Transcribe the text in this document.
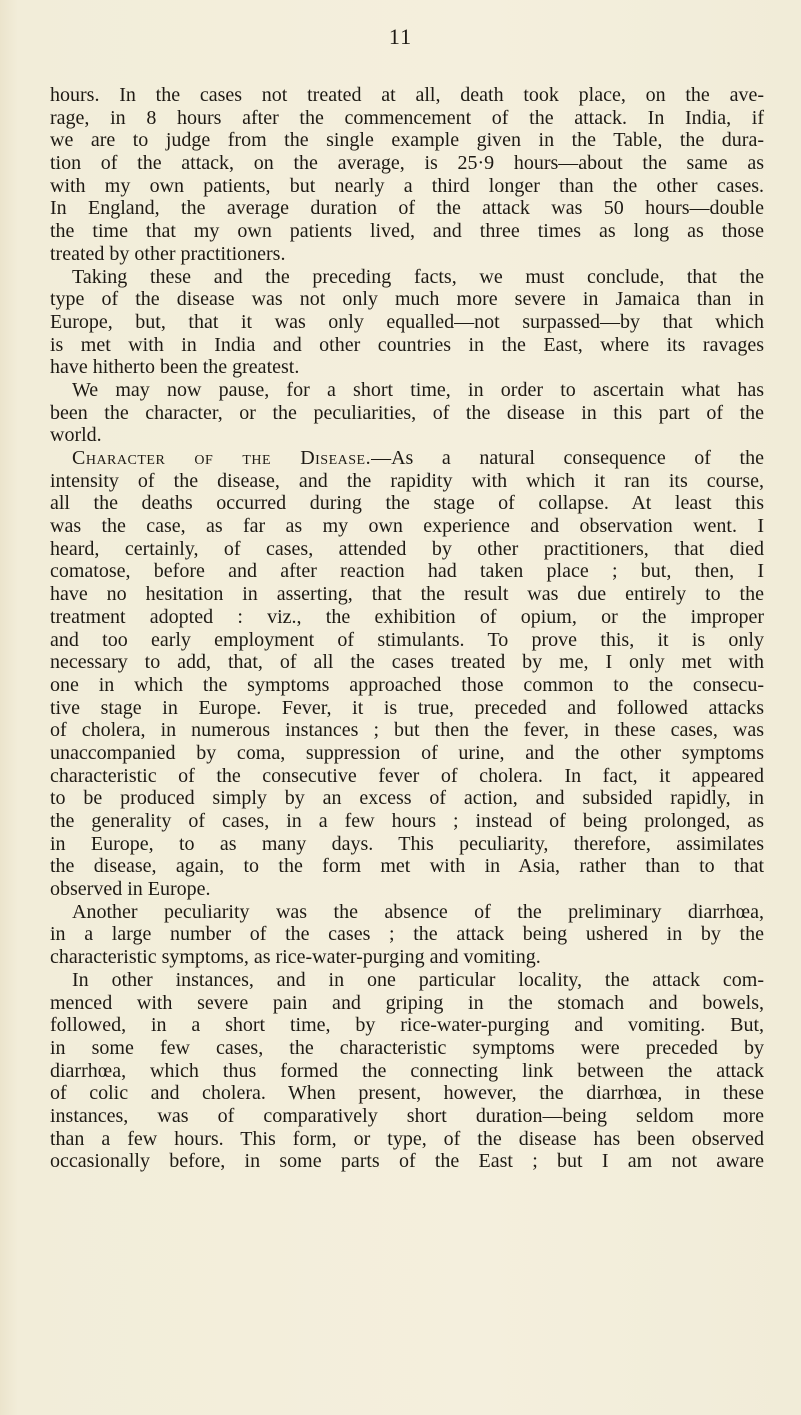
11
hours. In the cases not treated at all, death took place, on the ave-
rage, in 8 hours after the commencement of the attack. In India, if
we are to judge from the single example given in the Table, the dura-
tion of the attack, on the average, is 25·9 hours—about the same as
with my own patients, but nearly a third longer than the other cases.
In England, the average duration of the attack was 50 hours—double
the time that my own patients lived, and three times as long as those
treated by other practitioners.
Taking these and the preceding facts, we must conclude, that the
type of the disease was not only much more severe in Jamaica than in
Europe, but, that it was only equalled—not surpassed—by that which
is met with in India and other countries in the East, where its ravages
have hitherto been the greatest.
We may now pause, for a short time, in order to ascertain what has
been the character, or the peculiarities, of the disease in this part of the
world.
Character of the Disease.—As a natural consequence of the
intensity of the disease, and the rapidity with which it ran its course,
all the deaths occurred during the stage of collapse. At least this
was the case, as far as my own experience and observation went. I
heard, certainly, of cases, attended by other practitioners, that died
comatose, before and after reaction had taken place ; but, then, I
have no hesitation in asserting, that the result was due entirely to the
treatment adopted : viz., the exhibition of opium, or the improper
and too early employment of stimulants. To prove this, it is only
necessary to add, that, of all the cases treated by me, I only met with
one in which the symptoms approached those common to the consecu-
tive stage in Europe. Fever, it is true, preceded and followed attacks
of cholera, in numerous instances ; but then the fever, in these cases, was
unaccompanied by coma, suppression of urine, and the other symptoms
characteristic of the consecutive fever of cholera. In fact, it appeared
to be produced simply by an excess of action, and subsided rapidly, in
the generality of cases, in a few hours ; instead of being prolonged, as
in Europe, to as many days. This peculiarity, therefore, assimilates
the disease, again, to the form met with in Asia, rather than to that
observed in Europe.
Another peculiarity was the absence of the preliminary diarrhœa,
in a large number of the cases ; the attack being ushered in by the
characteristic symptoms, as rice-water-purging and vomiting.
In other instances, and in one particular locality, the attack com-
menced with severe pain and griping in the stomach and bowels,
followed, in a short time, by rice-water-purging and vomiting. But,
in some few cases, the characteristic symptoms were preceded by
diarrhœa, which thus formed the connecting link between the attack
of colic and cholera. When present, however, the diarrhœa, in these
instances, was of comparatively short duration—being seldom more
than a few hours. This form, or type, of the disease has been observed
occasionally before, in some parts of the East ; but I am not aware
